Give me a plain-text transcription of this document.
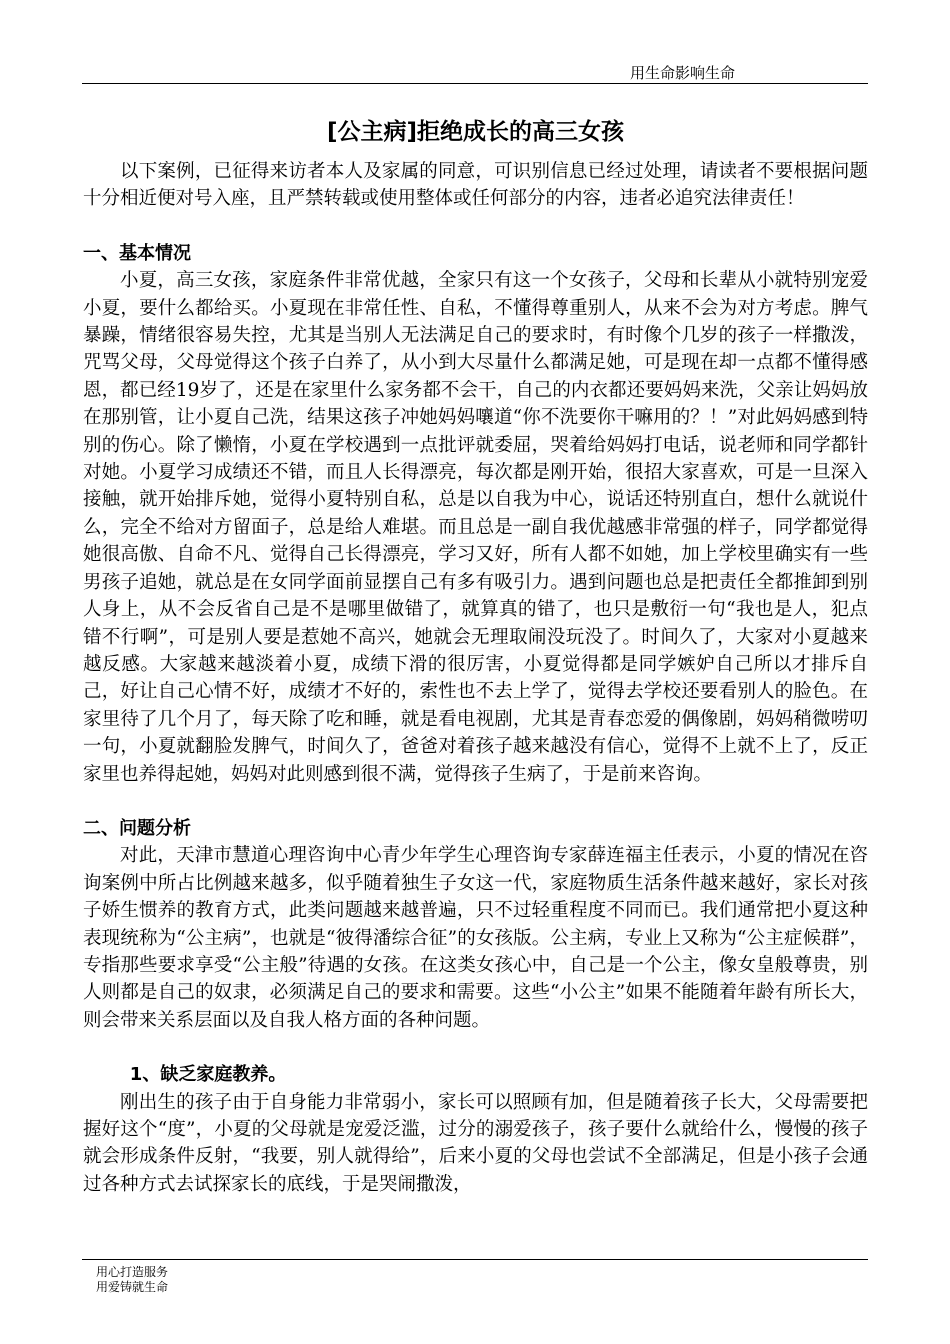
用生命影响生命
[公主病]拒绝成长的高三女孩

以下案例，已征得来访者本人及家属的同意，可识别信息已经过处理，请读者不要根据问题十分相近便对号入座，且严禁转载或使用整体或任何部分的内容，违者必追究法律责任！

一、基本情况

小夏，高三女孩，家庭条件非常优越，全家只有这一个女孩子，父母和长辈从小就特别宠爱小夏，要什么都给买。小夏现在非常任性、自私，不懂得尊重别人，从来不会为对方考虑。脾气暴躁，情绪很容易失控，尤其是当别人无法满足自己的要求时，有时像个几岁的孩子一样撒泼，咒骂父母，父母觉得这个孩子白养了，从小到大尽量什么都满足她，可是现在却一点都不懂得感恩，都已经19岁了，还是在家里什么家务都不会干，自己的内衣都还要妈妈来洗，父亲让妈妈放在那别管，让小夏自己洗，结果这孩子冲她妈妈嚷道“你不洗要你干嘛用的？！”对此妈妈感到特别的伤心。除了懒惰，小夏在学校遇到一点批评就委屈，哭着给妈妈打电话，说老师和同学都针对她。小夏学习成绩还不错，而且人长得漂亮，每次都是刚开始，很招大家喜欢，可是一旦深入接触，就开始排斥她，觉得小夏特别自私，总是以自我为中心，说话还特别直白，想什么就说什么，完全不给对方留面子，总是给人难堪。而且总是一副自我优越感非常强的样子，同学都觉得她很高傲、自命不凡、觉得自己长得漂亮，学习又好，所有人都不如她，加上学校里确实有一些男孩子追她，就总是在女同学面前显摆自己有多有吸引力。遇到问题也总是把责任全都推卸到别人身上，从不会反省自己是不是哪里做错了，就算真的错了，也只是敷衍一句“我也是人，犯点错不行啊”，可是别人要是惹她不高兴，她就会无理取闹没玩没了。时间久了，大家对小夏越来越反感。大家越来越淡着小夏，成绩下滑的很厉害，小夏觉得都是同学嫉妒自己所以才排斥自己，好让自己心情不好，成绩才不好的，索性也不去上学了，觉得去学校还要看别人的脸色。在家里待了几个月了，每天除了吃和睡，就是看电视剧，尤其是青春恋爱的偶像剧，妈妈稍微唠叨一句，小夏就翻脸发脾气，时间久了，爸爸对着孩子越来越没有信心，觉得不上就不上了，反正家里也养得起她，妈妈对此则感到很不满，觉得孩子生病了，于是前来咨询。

二、问题分析

对此，天津市慧道心理咨询中心青少年学生心理咨询专家薛连福主任表示，小夏的情况在咨询案例中所占比例越来越多，似乎随着独生子女这一代，家庭物质生活条件越来越好，家长对孩子娇生惯养的教育方式，此类问题越来越普遍，只不过轻重程度不同而已。我们通常把小夏这种表现统称为“公主病”，也就是“彼得潘综合征”的女孩版。公主病，专业上又称为“公主症候群”，专指那些要求享受“公主般”待遇的女孩。在这类女孩心中，自己是一个公主，像女皇般尊贵，别人则都是自己的奴隶，必须满足自己的要求和需要。这些“小公主”如果不能随着年龄有所长大，则会带来关系层面以及自我人格方面的各种问题。

1、缺乏家庭教养。

刚出生的孩子由于自身能力非常弱小，家长可以照顾有加，但是随着孩子长大，父母需要把握好这个“度”，小夏的父母就是宠爱泛滥，过分的溺爱孩子，孩子要什么就给什么，慢慢的孩子就会形成条件反射，“我要，别人就得给”，后来小夏的父母也尝试不全部满足，但是小孩子会通过各种方式去试探家长的底线，于是哭闹撒泼，

用心打造服务
用爱铸就生命
